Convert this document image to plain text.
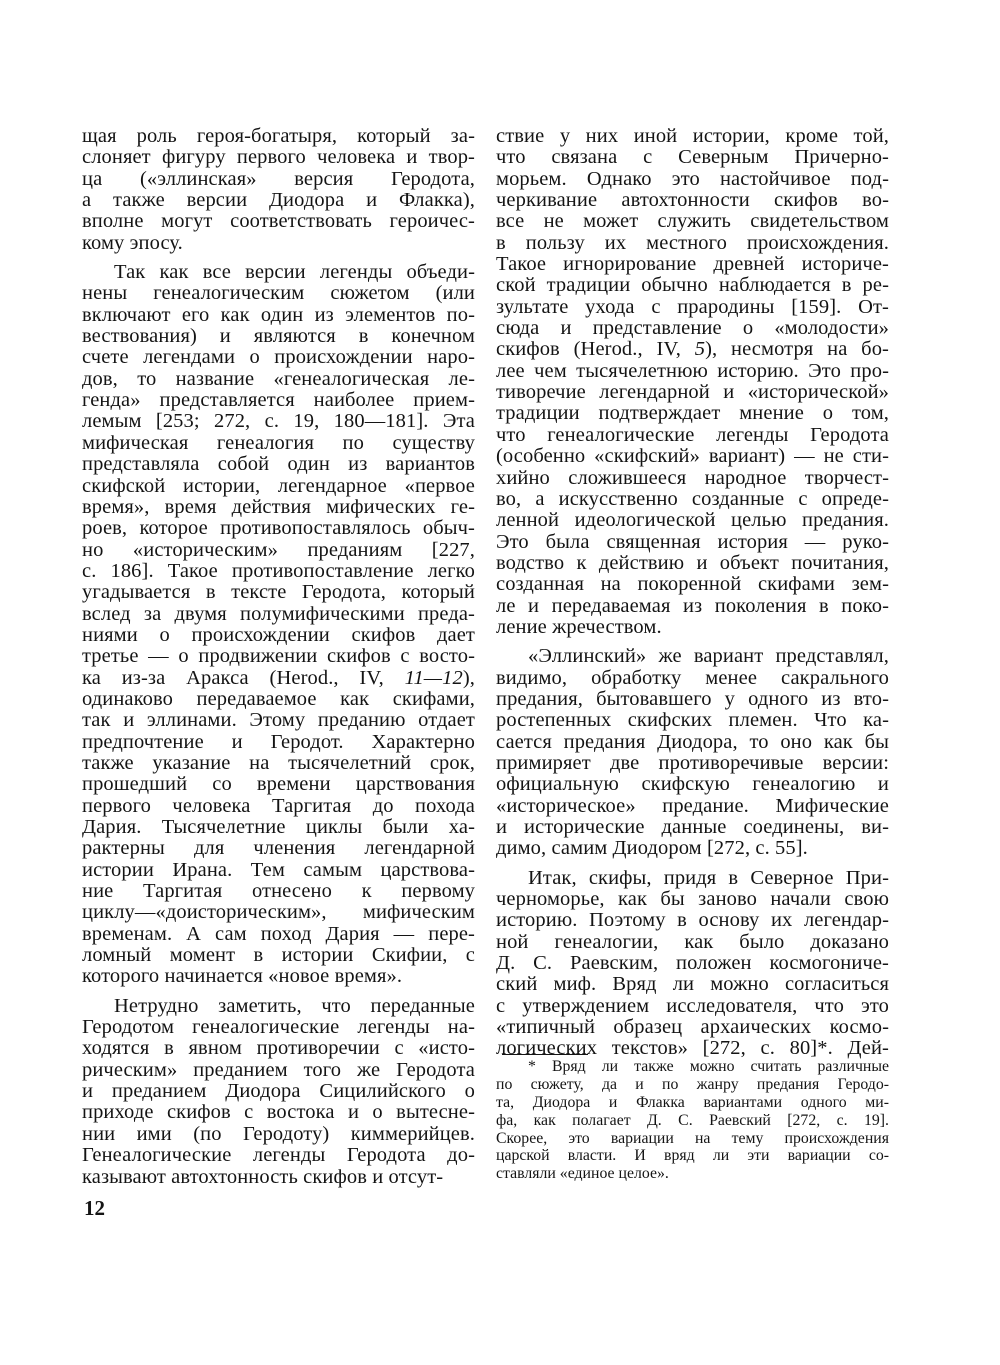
щая роль героя-богатыря, который за-
слоняет фигуру первого человека и твор-
ца («эллинская» версия Геродота,
а также версии Диодора и Флакка),
вполне могут соответствовать героичес-
кому эпосу.
Так как все версии легенды объеди-
нены генеалогическим сюжетом (или
включают его как один из элементов по-
вествования) и являются в конечном
счете легендами о происхождении наро-
дов, то название «генеалогическая ле-
генда» представляется наиболее прием-
лемым [253; 272, с. 19, 180—181]. Эта
мифическая генеалогия по существу
представляла собой один из вариантов
скифской истории, легендарное «первое
время», время действия мифических ге-
роев, которое противопоставлялось обыч-
но «историческим» преданиям [227,
с. 186]. Такое противопоставление легко
угадывается в тексте Геродота, который
вслед за двумя полумифическими преда-
ниями о происхождении скифов дает
третье — о продвижении скифов с восто-
ка из-за Аракса (Herod., IV, 11—12),
одинаково передаваемое как скифами,
так и эллинами. Этому преданию отдает
предпочтение и Геродот. Характерно
также указание на тысячелетний срок,
прошедший со времени царствования
первого человека Таргитая до похода
Дария. Тысячелетние циклы были ха-
рактерны для членения легендарной
истории Ирана. Тем самым царствова-
ние Таргитая отнесено к первому
циклу—«доисторическим», мифическим
временам. А сам поход Дария — пере-
ломный момент в истории Скифии, с
которого начинается «новое время».
Нетрудно заметить, что переданные
Геродотом генеалогические легенды на-
ходятся в явном противоречии с «исто-
рическим» преданием того же Геродота
и преданием Диодора Сицилийского о
приходе скифов с востока и о вытесне-
нии ими (по Геродоту) киммерийцев.
Генеалогические легенды Геродота до-
казывают автохтонность скифов и отсут-
ствие у них иной истории, кроме той,
что связана с Северным Причерно-
морьем. Однако это настойчивое под-
черкивание автохтонности скифов во-
все не может служить свидетельством
в пользу их местного происхождения.
Такое игнорирование древней историче-
ской традиции обычно наблюдается в ре-
зультате ухода с прародины [159]. От-
сюда и представление о «молодости»
скифов (Herod., IV, 5), несмотря на бо-
лее чем тысячелетнюю историю. Это про-
тиворечие легендарной и «исторической»
традиции подтверждает мнение о том,
что генеалогические легенды Геродота
(особенно «скифский» вариант) — не сти-
хийно сложившееся народное творчест-
во, а искусственно созданные с опреде-
ленной идеологической целью предания.
Это была священная история — руко-
водство к действию и объект почитания,
созданная на покоренной скифами зем-
ле и передаваемая из поколения в поко-
ление жречеством.
«Эллинский» же вариант представлял,
видимо, обработку менее сакрального
предания, бытовавшего у одного из вто-
ростепенных скифских племен. Что ка-
сается предания Диодора, то оно как бы
примиряет две противоречивые версии:
официальную скифскую генеалогию и
«историческое» предание. Мифические
и исторические данные соединены, ви-
димо, самим Диодором [272, с. 55].
Итак, скифы, придя в Северное При-
черноморье, как бы заново начали свою
историю. Поэтому в основу их легендар-
ной генеалогии, как было доказано
Д. С. Раевским, положен космогониче-
ский миф. Вряд ли можно согласиться
с утверждением исследователя, что это
«типичный образец архаических космо-
логических текстов» [272, с. 80]*. Дей-
* Вряд ли также можно считать различные
по сюжету, да и по жанру предания Геродо-
та, Диодора и Флакка вариантами одного ми-
фа, как полагает Д. С. Раевский [272, с. 19].
Скорее, это вариации на тему происхождения
царской власти. И вряд ли эти вариации со-
ставляли «единое целое».
12
